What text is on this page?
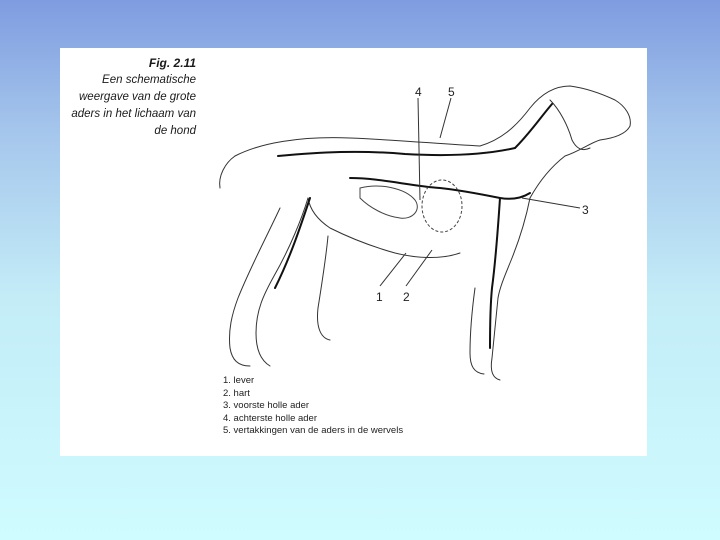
Fig. 2.11
Een schematische weergave van de grote aders in het lichaam van de hond
4 5
1 2
3
1. lever
2. hart
3. voorste holle ader
4. achterste holle ader
5. vertakkingen van de aders in de wervels
